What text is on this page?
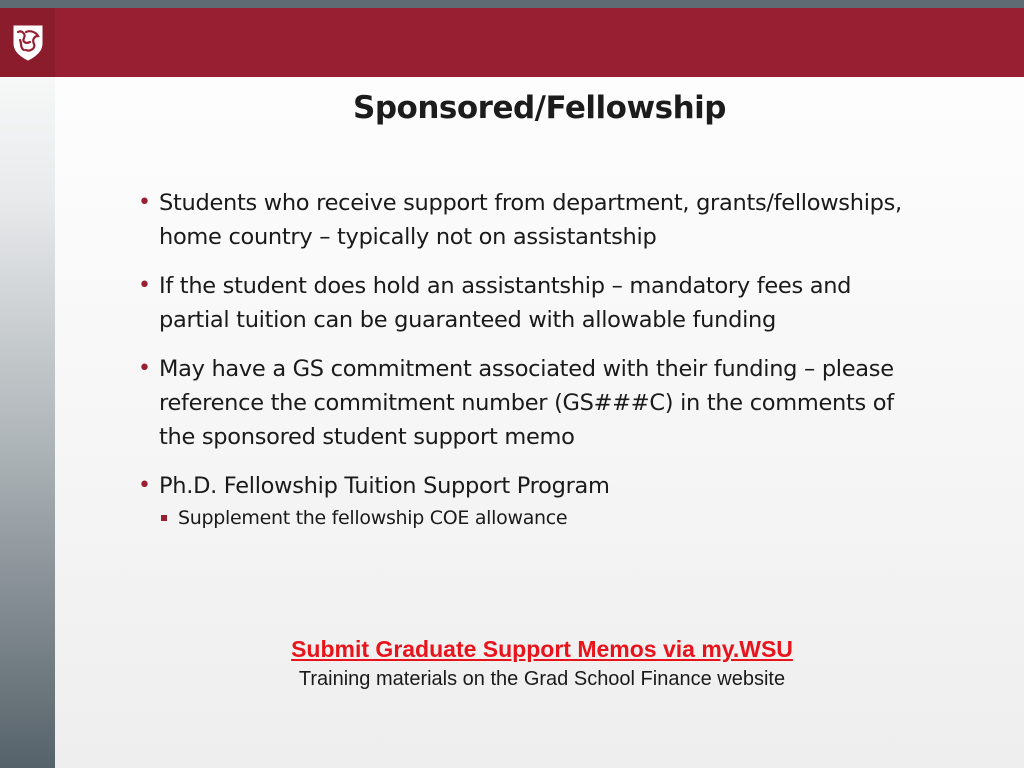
Sponsored/Fellowship
• Students who receive support from department, grants/fellowships, home country – typically not on assistantship
• If the student does hold an assistantship – mandatory fees and partial tuition can be guaranteed with allowable funding
• May have a GS commitment associated with their funding – please reference the commitment number (GS###C) in the comments of the sponsored student support memo
• Ph.D. Fellowship Tuition Support Program
Supplement the fellowship COE allowance
Submit Graduate Support Memos via my.WSU
Training materials on the Grad School Finance website
